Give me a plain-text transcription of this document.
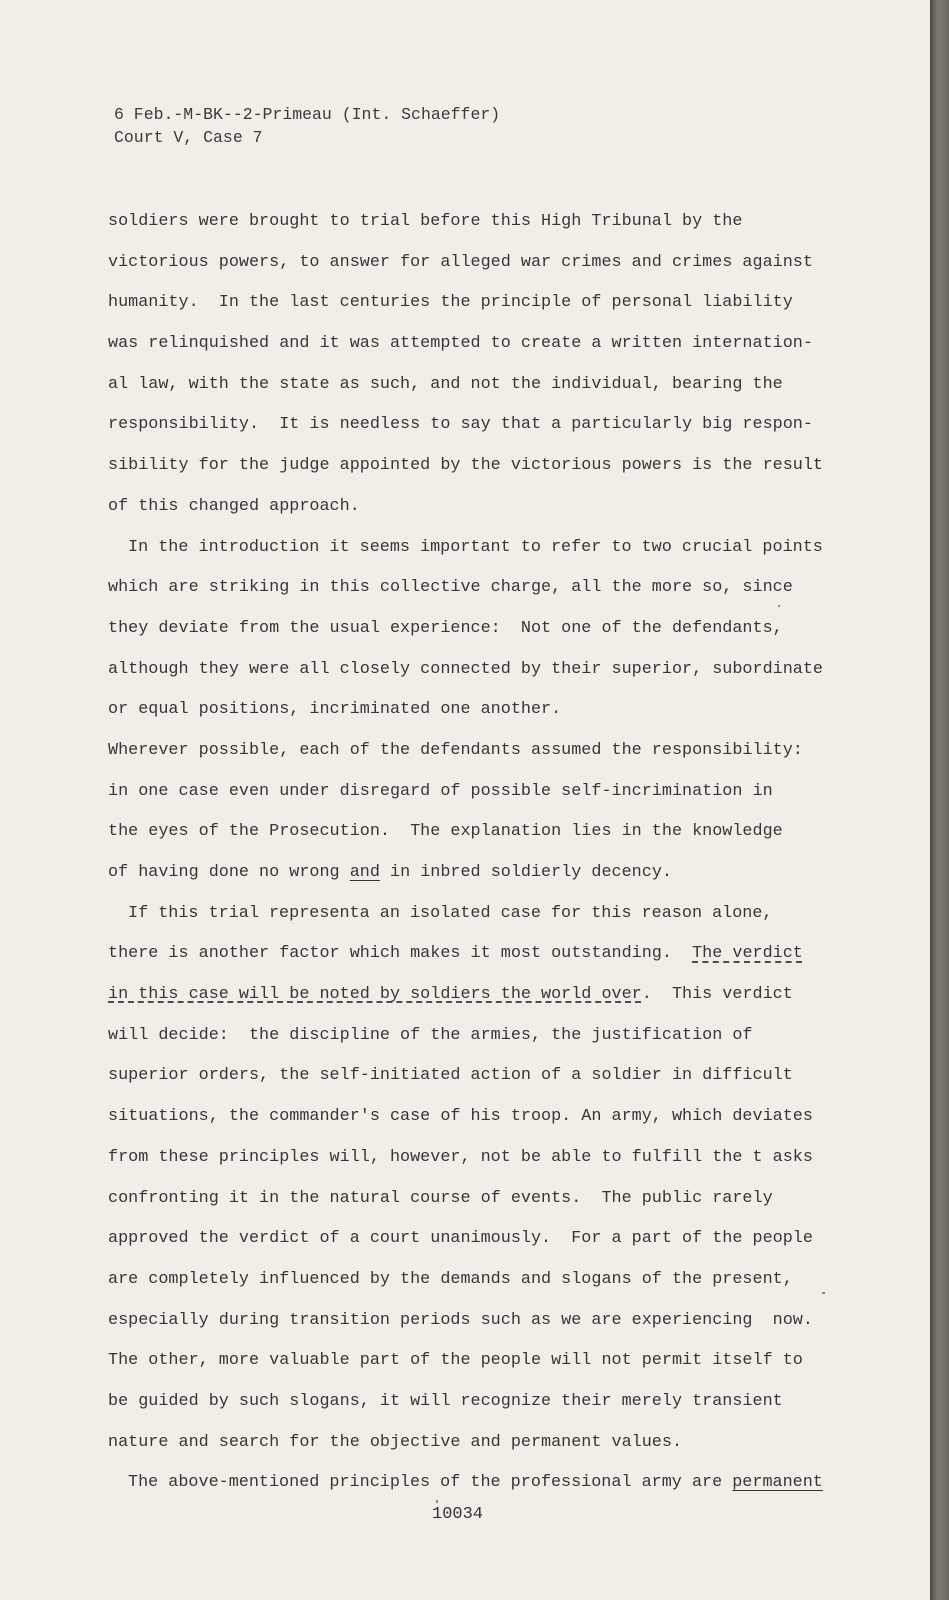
6 Feb.-M-BK--2-Primeau (Int. Schaeffer)
Court V, Case 7
soldiers were brought to trial before this High Tribunal by the
victorious powers, to answer for alleged war crimes and crimes against
humanity.  In the last centuries the principle of personal liability
was relinquished and it was attempted to create a written internation-
al law, with the state as such, and not the individual, bearing the
responsibility.  It is needless to say that a particularly big respon-
sibility for the judge appointed by the victorious powers is the result
of this changed approach.
In the introduction it seems important to refer to two crucial points
which are striking in this collective charge, all the more so, since
they deviate from the usual experience:  Not one of the defendants,
although they were all closely connected by their superior, subordinate
or equal positions, incriminated one another.
Wherever possible, each of the defendants assumed the responsibility:
in one case even under disregard of possible self-incrimination in
the eyes of the Prosecution.  The explanation lies in the knowledge
of having done no wrong and in inbred soldierly decency.
If this trial representa an isolated case for this reason alone,
there is another factor which makes it most outstanding.  The verdict
in this case will be noted by soldiers the world over.  This verdict
will decide:  the discipline of the armies, the justification of
superior orders, the self-initiated action of a soldier in difficult
situations, the commander's case of his troop. An army, which deviates
from these principles will, however, not be able to fulfill the t asks
confronting it in the natural course of events.  The public rarely
approved the verdict of a court unanimously.  For a part of the people
are completely influenced by the demands and slogans of the present,
especially during transition periods such as we are experiencing  now.
The other, more valuable part of the people will not permit itself to
be guided by such slogans, it will recognize their merely transient
nature and search for the objective and permanent values.
The above-mentioned principles of the professional army are permanent
10034
